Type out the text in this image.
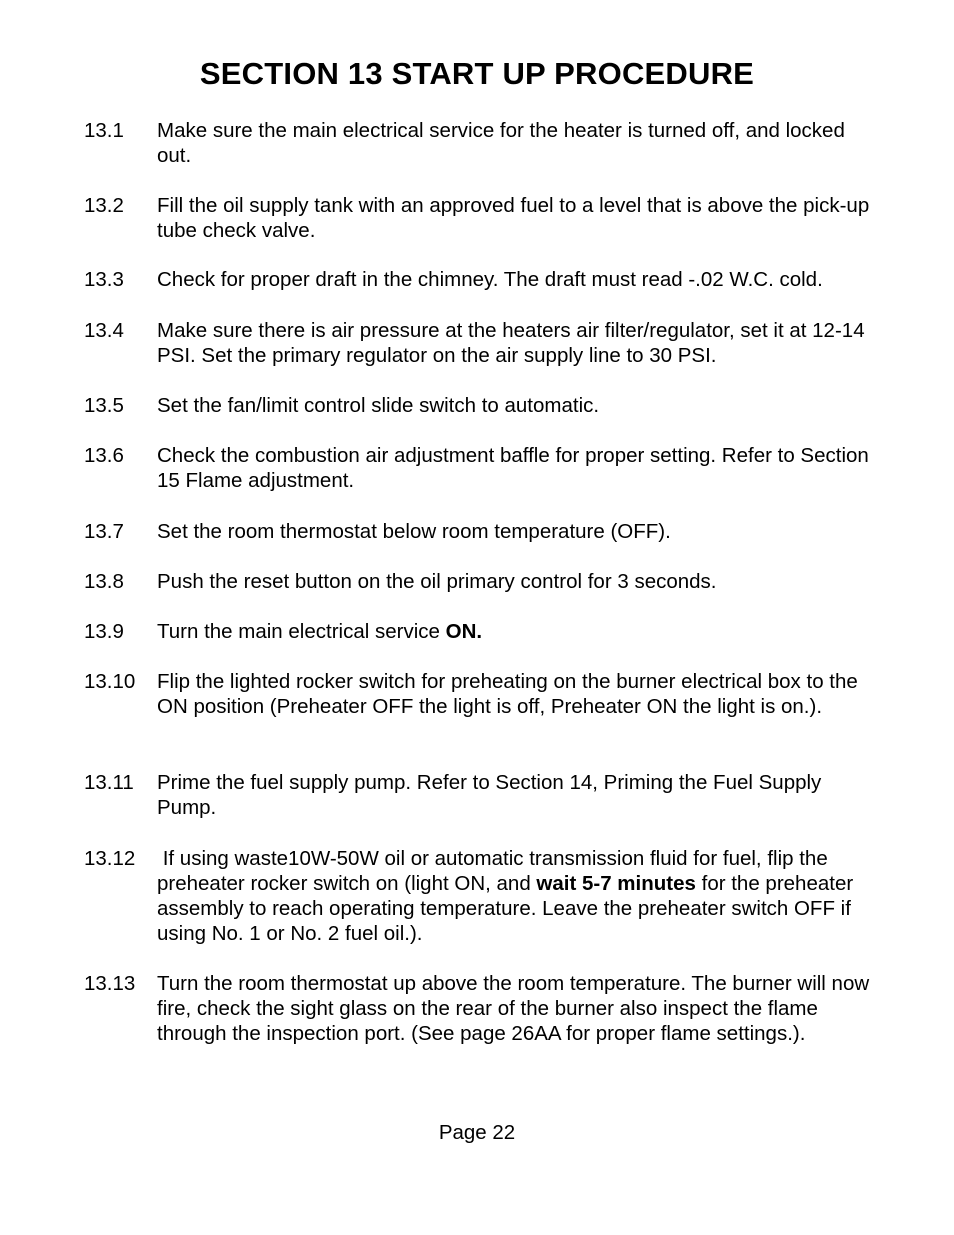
SECTION 13 START UP PROCEDURE
13.1 Make sure the main electrical service for the heater is turned off, and locked out.
13.2 Fill the oil supply tank with an approved fuel to a level that is above the pick-up tube check valve.
13.3 Check for proper draft in the chimney. The draft must read -.02 W.C. cold.
13.4 Make sure there is air pressure at the heaters air filter/regulator, set it at 12-14 PSI. Set the primary regulator on the air supply line to 30 PSI.
13.5 Set the fan/limit control slide switch to automatic.
13.6 Check the combustion air adjustment baffle for proper setting. Refer to Section 15 Flame adjustment.
13.7 Set the room thermostat below room temperature (OFF).
13.8 Push the reset button on the oil primary control for 3 seconds.
13.9 Turn the main electrical service ON.
13.10 Flip the lighted rocker switch for preheating on the burner electrical box to the ON position (Preheater OFF the light is off, Preheater ON the light is on.).
13.11 Prime the fuel supply pump. Refer to Section 14, Priming the Fuel Supply Pump.
13.12 If using waste10W-50W oil or automatic transmission fluid for fuel, flip the preheater rocker switch on (light ON, and wait 5-7 minutes for the preheater assembly to reach operating temperature. Leave the preheater switch OFF if using No. 1 or No. 2 fuel oil.).
13.13 Turn the room thermostat up above the room temperature. The burner will now fire, check the sight glass on the rear of the burner also inspect the flame through the inspection port. (See page 26AA for proper flame settings.).
Page 22
